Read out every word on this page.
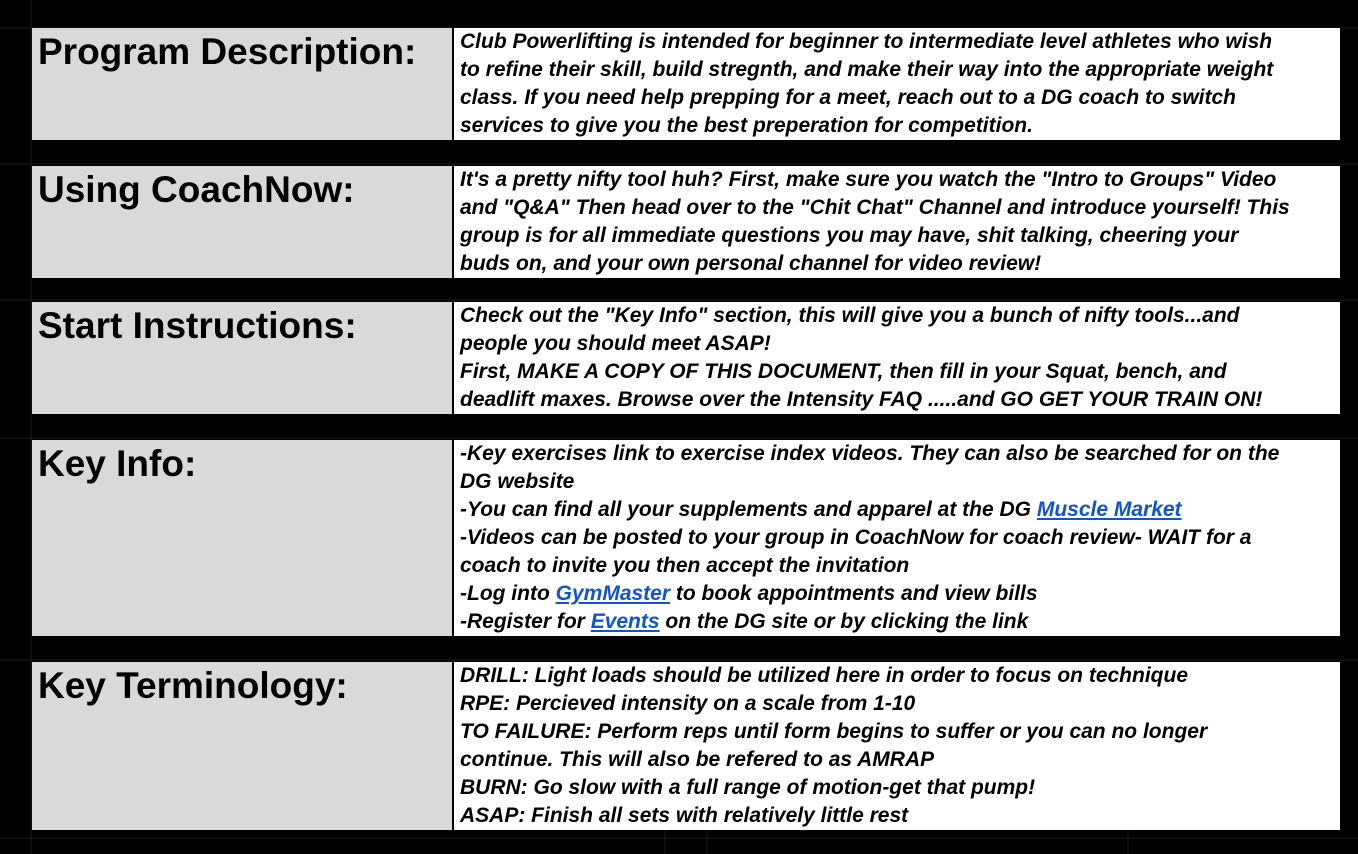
Program Description:	Club Powerlifting is intended for beginner to intermediate level athletes who wish
to refine their skill, build stregnth, and make their way into the appropriate weight
class. If you need help prepping for a meet, reach out to a DG coach to switch
services to give you the best preperation for competition.
Using CoachNow:	It's a pretty nifty tool huh? First, make sure you watch the "Intro to Groups" Video
and "Q&A" Then head over to the "Chit Chat" Channel and introduce yourself! This
group is for all immediate questions you may have, shit talking, cheering your
buds on, and your own personal channel for video review!
Start Instructions:	Check out the "Key Info" section, this will give you a bunch of nifty tools...and
people you should meet ASAP!
First, MAKE A COPY OF THIS DOCUMENT, then fill in your Squat, bench, and
deadlift maxes. Browse over the Intensity FAQ .....and GO GET YOUR TRAIN ON!
Key Info:	-Key exercises link to exercise index videos. They can also be searched for on the
DG website
-You can find all your supplements and apparel at the DG Muscle Market
-Videos can be posted to your group in CoachNow for coach review- WAIT for a
coach to invite you then accept the invitation
-Log into GymMaster to book appointments and view bills
-Register for Events on the DG site or by clicking the link
Key Terminology:	DRILL: Light loads should be utilized here in order to focus on technique
RPE: Percieved intensity on a scale from 1-10
TO FAILURE: Perform reps until form begins to suffer or you can no longer
continue. This will also be refered to as AMRAP
BURN: Go slow with a full range of motion-get that pump!
ASAP: Finish all sets with relatively little rest
